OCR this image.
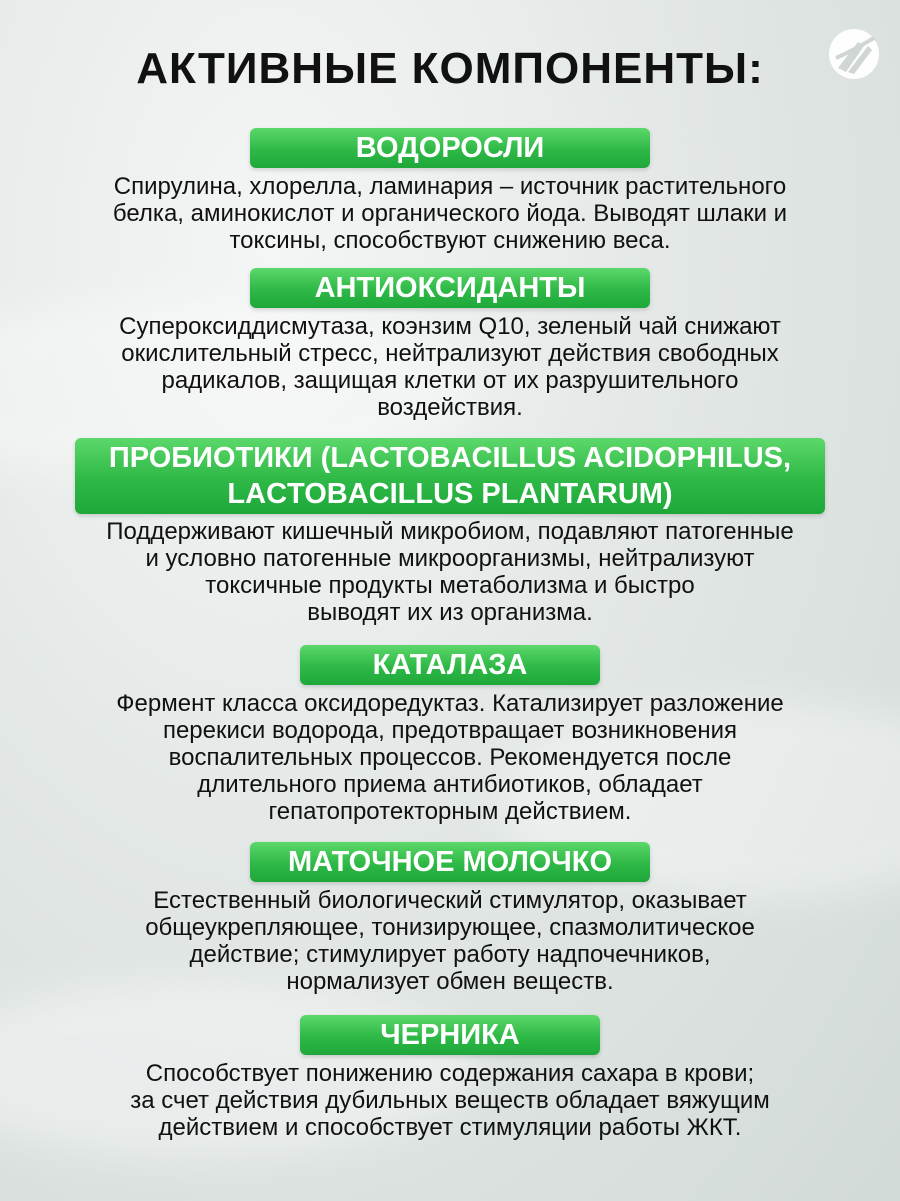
АКТИВНЫЕ КОМПОНЕНТЫ:
ВОДОРОСЛИ
Спирулина, хлорелла, ламинария – источник растительного
белка, аминокислот и органического йода. Выводят шлаки и
токсины, способствуют снижению веса.
АНТИОКСИДАНТЫ
Супероксиддисмутаза, коэнзим Q10, зеленый чай снижают
окислительный стресс, нейтрализуют действия свободных
радикалов, защищая клетки от их разрушительного
воздействия.
ПРОБИОТИКИ (LACTOBACILLUS ACIDOPHILUS,
LACTOBACILLUS PLANTARUM)
Поддерживают кишечный микробиом, подавляют патогенные
и условно патогенные микроорганизмы, нейтрализуют
токсичные продукты метаболизма и быстро
выводят их из организма.
КАТАЛАЗА
Фермент класса оксидоредуктаз. Катализирует разложение
перекиси водорода, предотвращает возникновения
воспалительных процессов. Рекомендуется после
длительного приема антибиотиков, обладает
гепатопротекторным действием.
МАТОЧНОЕ МОЛОЧКО
Естественный биологический стимулятор, оказывает
общеукрепляющее, тонизирующее, спазмолитическое
действие; стимулирует работу надпочечников,
нормализует обмен веществ.
ЧЕРНИКА
Способствует понижению содержания сахара в крови;
за счет действия дубильных веществ обладает вяжущим
действием и способствует стимуляции работы ЖКТ.
